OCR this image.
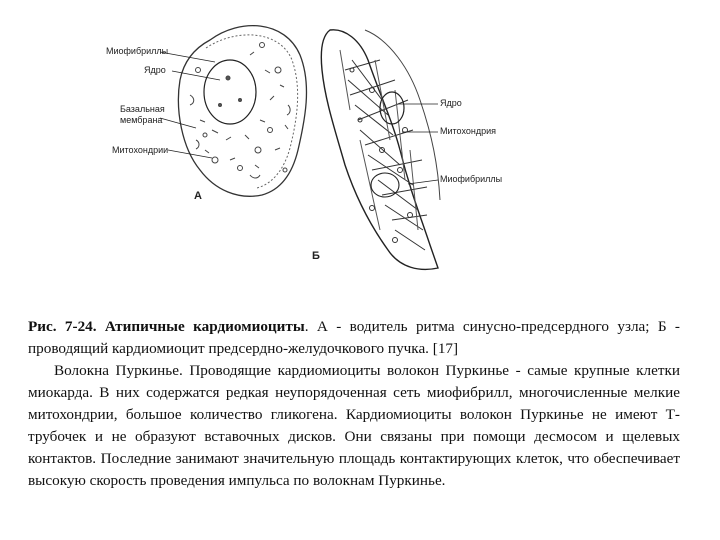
Миофибриллы
Ядро
Базальная
мембрана
Митохондрии
А
Ядро
Митохондрия
Миофибриллы
Б

Рис. 7-24. Атипичные кардиомиоциты. А - водитель ритма синусно-предсердного узла; Б - проводящий кардиомиоцит предсердно-желудочкового пучка. [17]

Волокна Пуркинье. Проводящие кардиомиоциты волокон Пуркинье - самые крупные клетки миокарда. В них содержатся редкая неупорядоченная сеть миофибрилл, многочисленные мелкие митохондрии, большое количество гликогена. Кардиомиоциты волокон Пуркинье не имеют Т-трубочек и не образуют вставочных дисков. Они связаны при помощи десмосом и щелевых контактов. Последние занимают значительную площадь контактирующих клеток, что обеспечивает высокую скорость проведения импульса по волокнам Пуркинье.
